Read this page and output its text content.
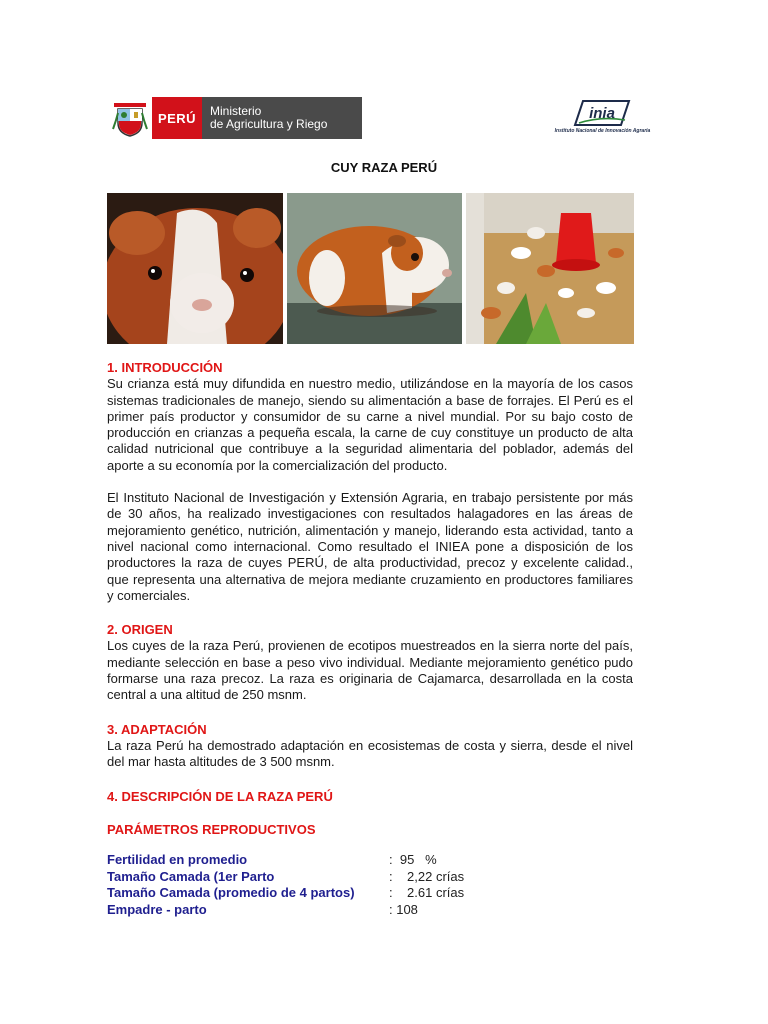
PERÚ	Ministerio
de Agricultura y Riego
inia
Instituto Nacional de Innovación Agraria
CUY RAZA PERÚ
1. INTRODUCCIÓN

Su crianza está muy difundida en nuestro medio, utilizándose en la mayoría de los casos sistemas tradicionales de manejo, siendo su alimentación a base de forrajes. El Perú es el primer país productor y consumidor de su carne a nivel mundial. Por su bajo costo de producción en crianzas a pequeña escala, la carne de cuy constituye un producto de alta calidad nutricional que contribuye a la seguridad alimentaria del poblador, además del aporte a su economía por la comercialización del producto.

El Instituto Nacional de Investigación y Extensión Agraria, en trabajo persistente por más de 30 años, ha realizado investigaciones con resultados halagadores en las áreas de mejoramiento genético, nutrición, alimentación y manejo, liderando esta actividad, tanto a nivel nacional como internacional. Como resultado el INIEA pone a disposición de los productores la raza de cuyes PERÚ, de alta productividad, precoz y excelente calidad., que representa una alternativa de mejora mediante cruzamiento en productores familiares y comerciales.

2. ORIGEN

Los cuyes de la raza Perú, provienen de ecotipos muestreados en la sierra norte del país, mediante selección en base a peso vivo individual. Mediante mejoramiento genético pudo formarse una raza precoz. La raza es originaria de Cajamarca, desarrollada en la costa central a una altitud de 250 msnm.

3. ADAPTACIÓN

La raza Perú ha demostrado adaptación en ecosistemas de costa y sierra, desde el nivel del mar hasta altitudes de 3 500 msnm.

4. DESCRIPCIÓN DE LA RAZA PERÚ
PARÁMETROS REPRODUCTIVOS
Fertilidad en promedio	:  95   %
Tamaño Camada (1er Parto	:    2,22 crías
Tamaño Camada (promedio de 4 partos)	:    2.61 crías
Empadre - parto	: 108
